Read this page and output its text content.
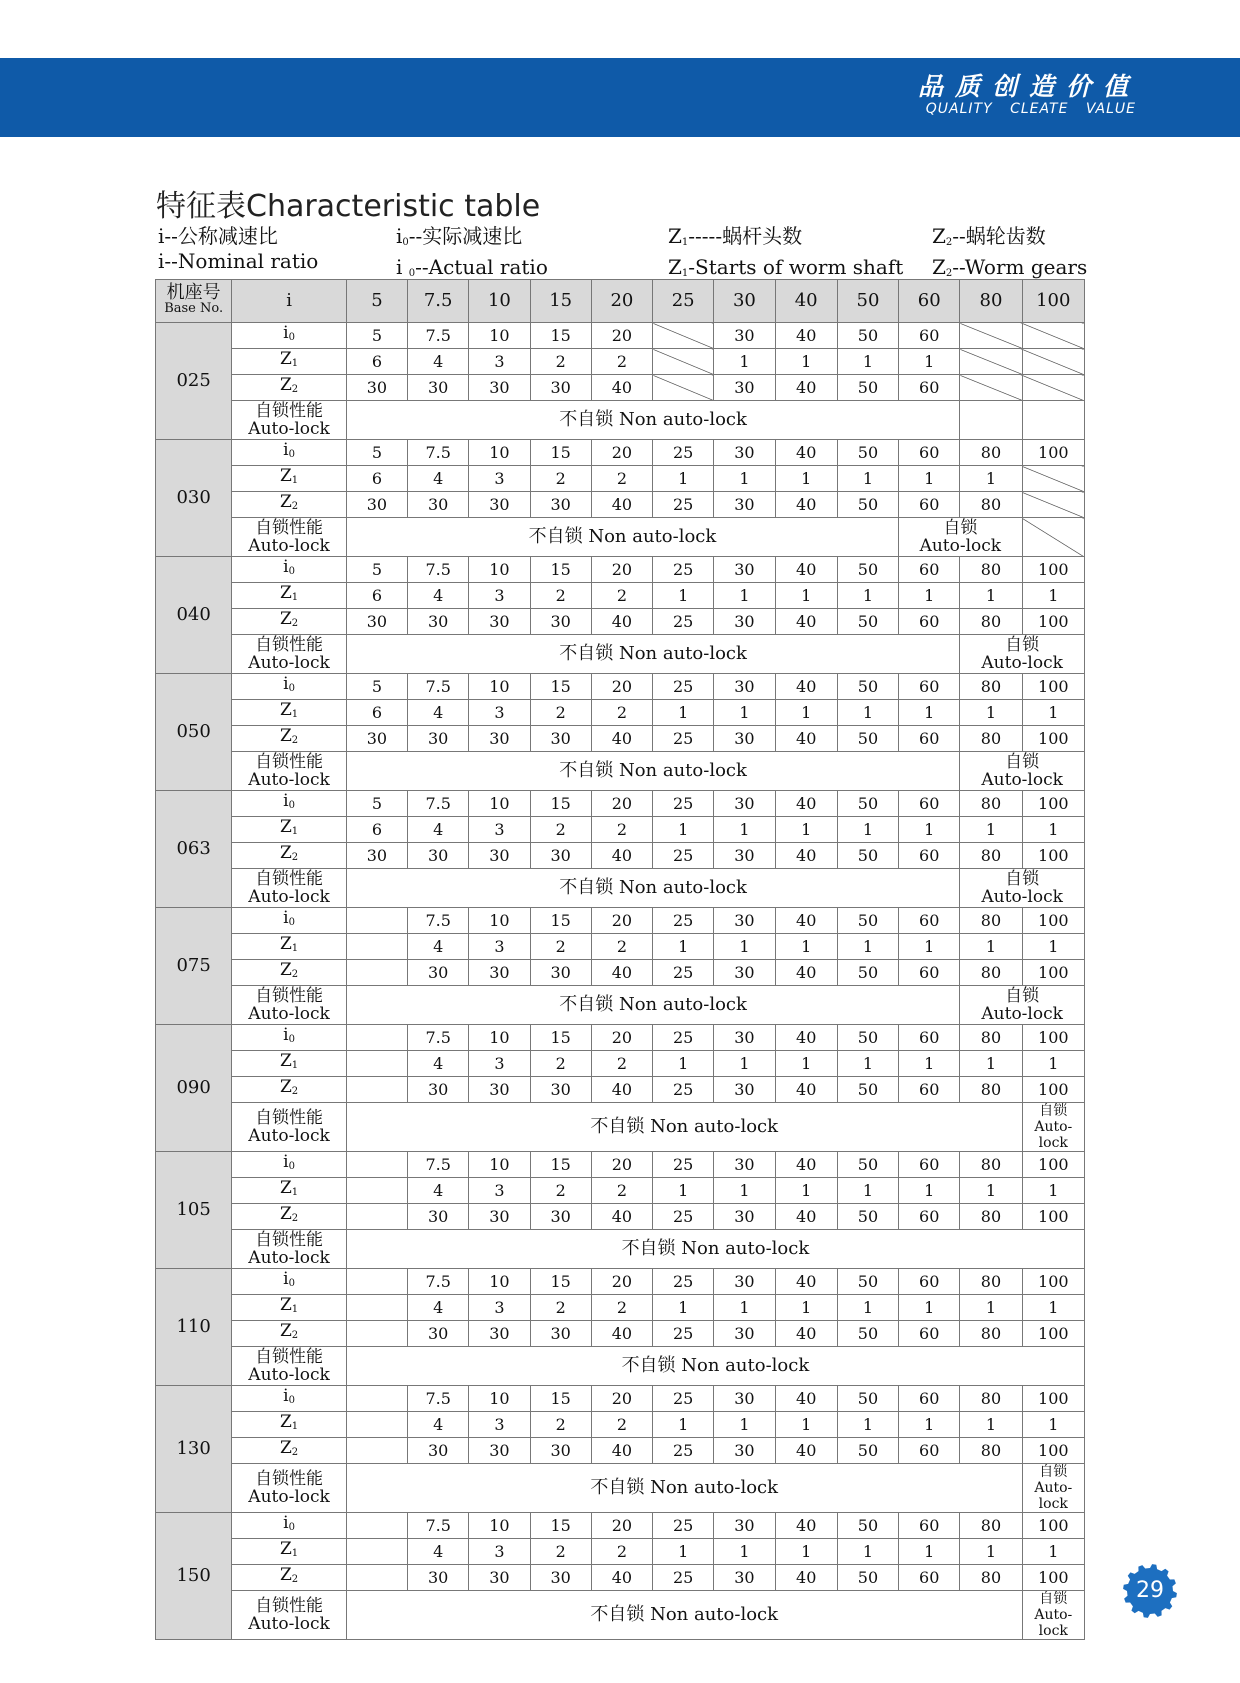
品质创造价值
QUALITY CLEATE VALUE
特征表Characteristic table
i--公称减速比
i--Nominal ratio
$i_0--$实际减速比
i $_0$--Actual ratio
$Z_1-----$蜗杆头数
$Z_1$-Starts of worm shaft
$Z_2--$蜗轮齿数
$Z_2-$-Worm gears
机座号
Base No.	i	5	7.5	10	15	20	25	30	40	50	60	80	100
025	$i_0$	5	7.5	10	15	20		30	40	50	60		
	$Z_1$	6	4	3	2	2		1	1	1	1		
	$Z_2$	30	30	30	30	40		30	40	50	60		

	自锁性能
Auto-lock	不自锁 Non auto-lock											
030	$i_0$	5	7.5	10	15	20	25	30	40	50	60	80	100
	$Z_1$	6	4	3	2	2	1	1	1	1	1	1	
	$Z_2$	30	30	30	30	40	25	30	40	50	60	80	

	自锁性能
Auto-lock	不自锁 Non auto-lock									自锁
Auto-lock		

040	$i_0$	5	7.5	10	15	20	25	30	40	50	60	80	100
	$Z_1$	6	4	3	2	2	1	1	1	1	1	1	1
	$Z_2$	30	30	30	30	40	25	30	40	50	60	80	100

	自锁性能
Auto-lock	不自锁 Non auto-lock										自锁
Auto-lock	

050	$i_0$	5	7.5	10	15	20	25	30	40	50	60	80	100
	$Z_1$	6	4	3	2	2	1	1	1	1	1	1	1
	$Z_2$	30	30	30	30	40	25	30	40	50	60	80	100

	自锁性能
Auto-lock	不自锁 Non auto-lock										自锁
Auto-lock	

063	$i_0$	5	7.5	10	15	20	25	30	40	50	60	80	100
	$Z_1$	6	4	3	2	2	1	1	1	1	1	1	1
	$Z_2$	30	30	30	30	40	25	30	40	50	60	80	100

	自锁性能
Auto-lock	不自锁 Non auto-lock										自锁
Auto-lock	

075	$i_0$		7.5	10	15	20	25	30	40	50	60	80	100
	$Z_1$		4	3	2	2	1	1	1	1	1	1	1
	$Z_2$		30	30	30	40	25	30	40	50	60	80	100

	自锁性能
Auto-lock	不自锁 Non auto-lock										自锁
Auto-lock	

090	$i_0$		7.5	10	15	20	25	30	40	50	60	80	100
	$Z_1$		4	3	2	2	1	1	1	1	1	1	1
	$Z_2$		30	30	30	40	25	30	40	50	60	80	100

	自锁性能
Auto-lock	不自锁 Non auto-lock											自锁
Auto-lock

105	$i_0$		7.5	10	15	20	25	30	40	50	60	80	100
	$Z_1$		4	3	2	2	1	1	1	1	1	1	1
	$Z_2$		30	30	30	40	25	30	40	50	60	80	100

	自锁性能
Auto-lock	不自锁 Non auto-lock											
110	$i_0$		7.5	10	15	20	25	30	40	50	60	80	100
	$Z_1$		4	3	2	2	1	1	1	1	1	1	1
	$Z_2$		30	30	30	40	25	30	40	50	60	80	100

	自锁性能
Auto-lock	不自锁 Non auto-lock											
130	$i_0$		7.5	10	15	20	25	30	40	50	60	80	100
	$Z_1$		4	3	2	2	1	1	1	1	1	1	1
	$Z_2$		30	30	30	40	25	30	40	50	60	80	100

	自锁性能
Auto-lock	不自锁 Non auto-lock											自锁
Auto-lock

150	$i_0$		7.5	10	15	20	25	30	40	50	60	80	100
	$Z_1$		4	3	2	2	1	1	1	1	1	1	1
	$Z_2$		30	30	30	40	25	30	40	50	60	80	100

	自锁性能
Auto-lock	不自锁 Non auto-lock											自锁
Auto-lock
29
